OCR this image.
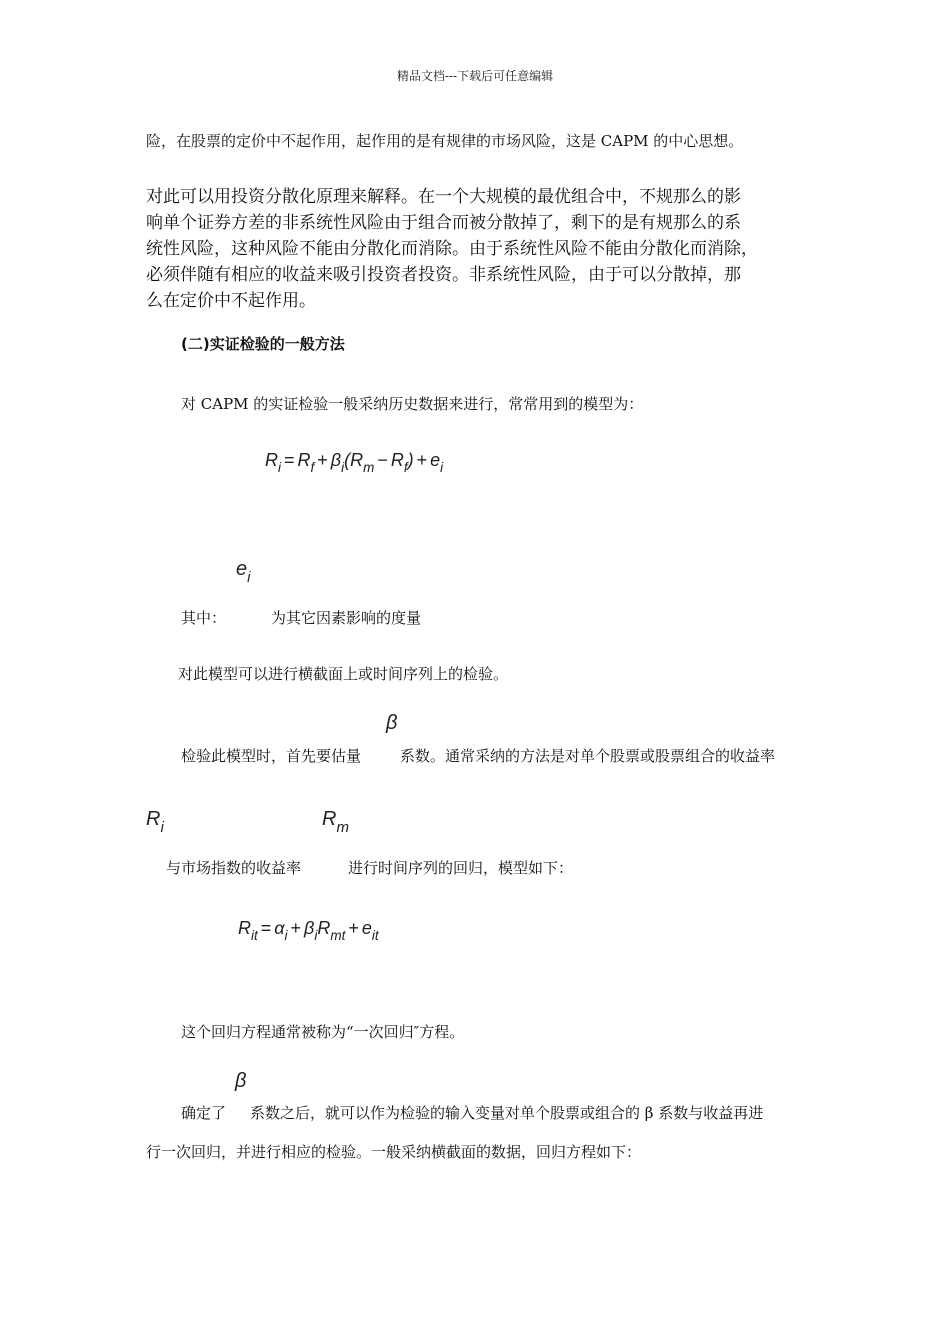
精品文档---下载后可任意编辑
险，在股票的定价中不起作用，起作用的是有规律的市场风险，这是 CAPM 的中心思想。
对此可以用投资分散化原理来解释。在一个大规模的最优组合中，不规那么的影
响单个证券方差的非系统性风险由于组合而被分散掉了，剩下的是有规那么的系
统性风险，这种风险不能由分散化而消除。由于系统性风险不能由分散化而消除，
必须伴随有相应的收益来吸引投资者投资。非系统性风险，由于可以分散掉，那
么在定价中不起作用。
(二)实证检验的一般方法
对 CAPM 的实证检验一般采纳历史数据来进行，常常用到的模型为：
$R_i = R_f + \beta_i(R_m - R_f) + e_i$
$e_i$
其中：	为其它因素影响的度量
对此模型可以进行横截面上或时间序列上的检验。
β
检验此模型时，首先要估量	系数。通常采纳的方法是对单个股票或股票组合的收益率
$R_i$	$R_m$
与市场指数的收益率	进行时间序列的回归，模型如下：
$R_{it} = \alpha_i + \beta_iR_{mt} + e_{it}$
这个回归方程通常被称为“一次回归″方程。
β
确定了 系数之后，就可以作为检验的输入变量对单个股票或组合的 β 系数与收益再进
行一次回归，并进行相应的检验。一般采纳横截面的数据，回归方程如下：
